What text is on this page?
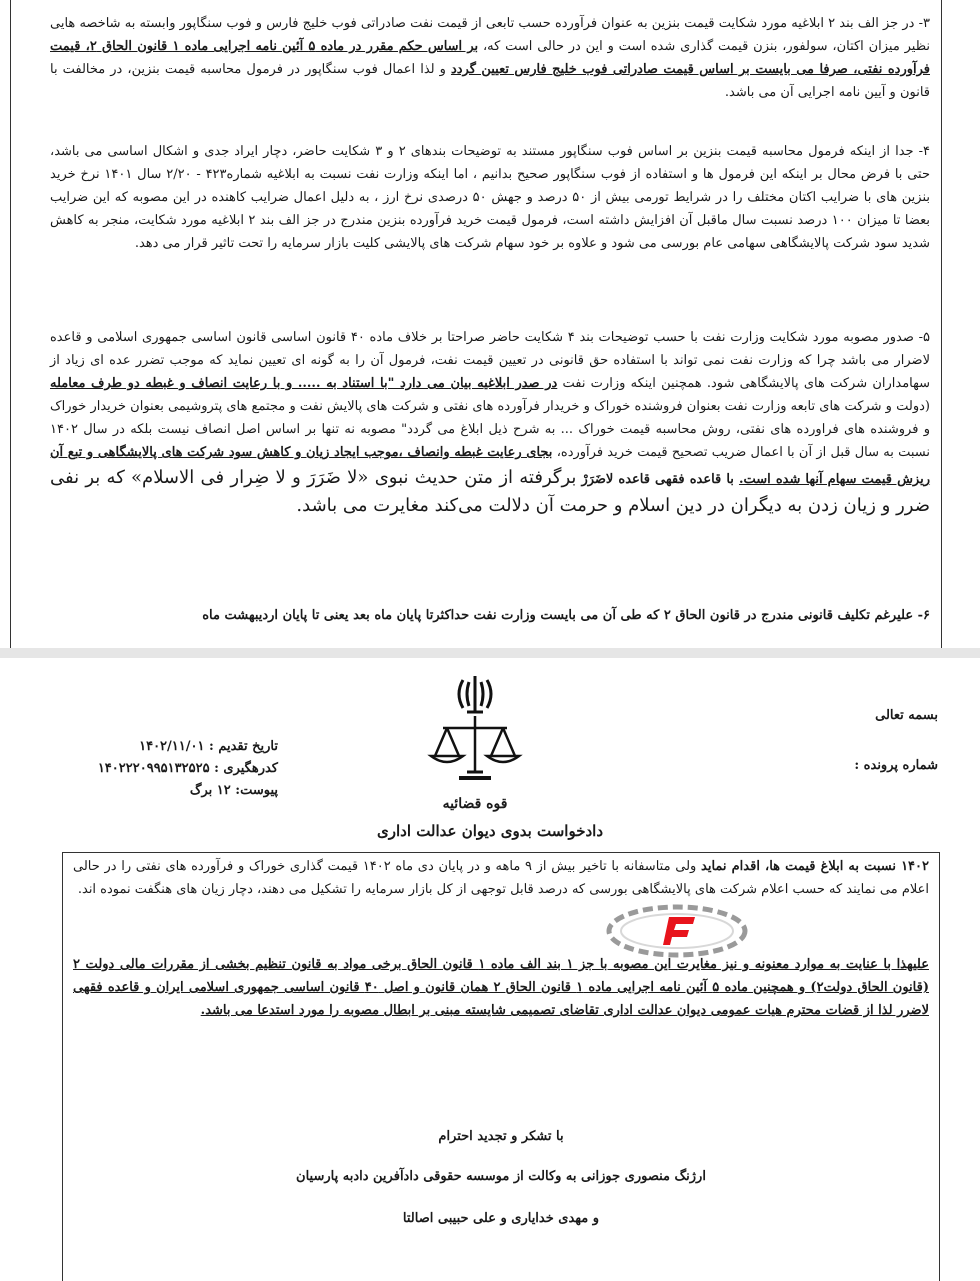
۳- در جز الف بند ۲ ابلاغیه مورد شکایت قیمت بنزین به عنوان فرآورده حسب تابعی از قیمت نفت صادراتی فوب خلیج فارس و فوب سنگاپور وابسته به شاخصه هایی نظیر میزان اکتان، سولفور، بنزن قیمت گذاری شده است و این در حالی است که، بر اساس حکم مقرر در ماده ۵ آئین نامه اجرایی ماده ۱ قانون الحاق ۲، قیمت فرآورده نفتی، صرفا می بایست بر اساس قیمت صادراتی فوب خلیج فارس تعیین گردد و لذا اعمال فوب سنگاپور در فرمول محاسبه قیمت بنزین، در مخالفت با قانون و آیین نامه اجرایی آن می باشد.
۴- جدا از اینکه فرمول محاسبه قیمت بنزین بر اساس فوب سنگاپور مستند به توضیحات بندهای ۲ و ۳ شکایت حاضر، دچار ایراد جدی و اشکال اساسی می باشد، حتی با فرض محال بر اینکه این فرمول ها و استفاده از فوب سنگاپور صحیح بدانیم ، اما اینکه وزارت نفت نسبت به ابلاغیه شماره۴۲۳ - ۲/۲۰ سال ۱۴۰۱ نرخ خرید بنزین های با ضرایب اکتان مختلف را در شرایط تورمی بیش از ۵۰ درصد و جهش ۵۰ درصدی نرخ ارز ، به دلیل اعمال ضرایب کاهنده در این مصوبه که این ضرایب بعضا تا میزان ۱۰۰ درصد نسبت سال ماقبل آن افزایش داشته است، فرمول قیمت خرید فرآورده بنزین مندرج در جز الف بند ۲ ابلاغیه مورد شکایت، منجر به کاهش شدید سود شرکت پالایشگاهی سهامی عام بورسی می شود و علاوه بر خود سهام شرکت های پالایشی کلیت بازار سرمایه را تحت تاثیر قرار می دهد.
۵- صدور مصوبه مورد شکایت وزارت نفت با حسب توضیحات بند ۴ شکایت حاضر صراحتا بر خلاف ماده ۴۰ قانون اساسی قانون اساسی جمهوری اسلامی و قاعده لاضرار می باشد چرا که وزارت نفت نمی تواند با استفاده حق قانونی در تعیین قیمت نفت، فرمول آن را به گونه ای تعیین نماید که موجب تضرر عده ای زیاد از سهامداران شرکت های پالایشگاهی شود. همچنین اینکه وزارت نفت در صدر ابلاغیه بیان می دارد "با استناد به ..... و با رعایت انصاف و غبطه دو طرف معامله (دولت و شرکت های تابعه وزارت نفت بعنوان فروشنده خوراک و خریدار فرآورده های نفتی و شرکت های پالایش نفت و مجتمع های پتروشیمی بعنوان خریدار خوراک و فروشنده های فراورده های نفتی، روش محاسبه قیمت خوراک ... به شرح ذیل ابلاغ می گردد" مصوبه نه تنها بر اساس اصل انصاف نیست بلکه در سال ۱۴۰۲ نسبت به سال قبل از آن با اعمال ضریب تصحیح قیمت خرید فرآورده، بجای رعایت غبطه وانصاف ،موجب ایجاد زیان و کاهش سود شرکت های پالایشگاهی و تبع آن ریزش قیمت سهام آنها شده است. با قاعده فقهی قاعده لاضَرَرْ برگرفته از متن حدیث نبوی «لا ضَرَرَ و لا ضِرار فی الاسلام» که بر نفی ضرر و زیان زدن به دیگران در دین اسلام و حرمت آن دلالت می‌کند مغایرت می باشد.
۶- علیرغم تکلیف قانونی مندرج در قانون الحاق ۲ که طی آن می بایست وزارت نفت حداکثرتا پایان ماه بعد یعنی تا پایان اردیبهشت ماه
بسمه تعالی
شماره پرونده :
تاریخ تقدیم : ۱۴۰۲/۱۱/۰۱
کدرهگیری : ۱۴۰۲۲۲۰۹۹۵۱۳۲۵۲۵
پیوست: ۱۲ برگ
قوه قضائیه
دادخواست بدوی دیوان عدالت اداری
۱۴۰۲ نسبت به ابلاغ قیمت ها، اقدام نماید ولی متاسفانه با تاخیر بیش از ۹ ماهه و در پایان دی ماه ۱۴۰۲ قیمت گذاری خوراک و فرآورده های نفتی را در حالی اعلام می نمایند که حسب اعلام شرکت های پالایشگاهی بورسی که درصد قابل توجهی از کل بازار سرمایه را تشکیل می دهند، دچار زیان های هنگفت نموده اند.
علیهذا با عنایت به موارد معنونه و نیز مغایرت این مصوبه با جز ۱ بند الف ماده ۱ قانون الحاق برخی مواد به قانون تنظیم بخشی از مقررات مالی دولت ۲ (قانون الحاق دولت۲) و همچنین ماده ۵ آئین نامه اجرایی ماده ۱ قانون الحاق ۲ همان قانون و اصل ۴۰ قانون اساسی جمهوری اسلامی ایران و قاعده فقهی لاضرر لذا از قضات محترم هیات عمومی دیوان عدالت اداری تقاضای تصمیمی شایسته مبنی بر ابطال مصوبه را مورد استدعا می باشد.
با تشکر و تجدید احترام
ارژنگ منصوری جوزانی به وکالت از موسسه حقوقی دادآفرین دادبه پارسیان
و مهدی خدایاری و علی حبیبی اصالتا
